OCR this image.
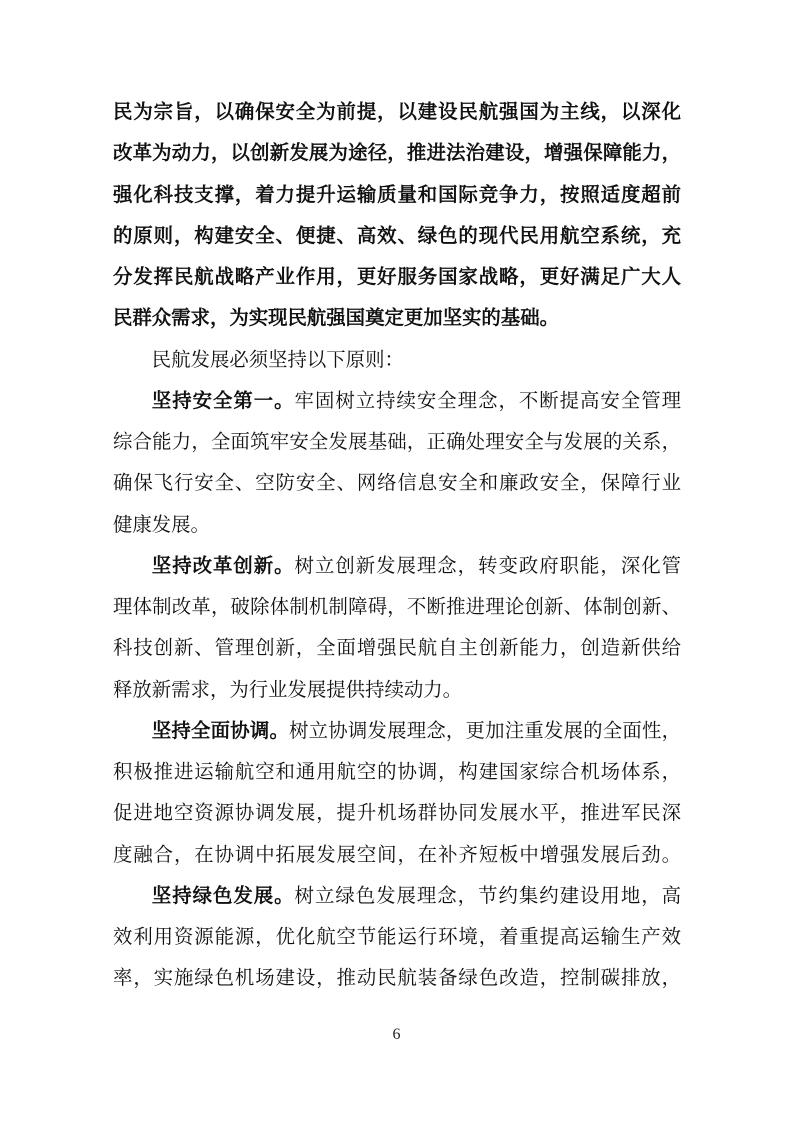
民为宗旨，以确保安全为前提，以建设民航强国为主线，以深化
改革为动力，以创新发展为途径，推进法治建设，增强保障能力，
强化科技支撑，着力提升运输质量和国际竞争力，按照适度超前
的原则，构建安全、便捷、高效、绿色的现代民用航空系统，充
分发挥民航战略产业作用，更好服务国家战略，更好满足广大人
民群众需求，为实现民航强国奠定更加坚实的基础。
民航发展必须坚持以下原则：
坚持安全第一。牢固树立持续安全理念，不断提高安全管理
综合能力，全面筑牢安全发展基础，正确处理安全与发展的关系，
确保飞行安全、空防安全、网络信息安全和廉政安全，保障行业
健康发展。
坚持改革创新。树立创新发展理念，转变政府职能，深化管
理体制改革，破除体制机制障碍，不断推进理论创新、体制创新、
科技创新、管理创新，全面增强民航自主创新能力，创造新供给
释放新需求，为行业发展提供持续动力。
坚持全面协调。树立协调发展理念，更加注重发展的全面性，
积极推进运输航空和通用航空的协调，构建国家综合机场体系，
促进地空资源协调发展，提升机场群协同发展水平，推进军民深
度融合，在协调中拓展发展空间，在补齐短板中增强发展后劲。
坚持绿色发展。树立绿色发展理念，节约集约建设用地，高
效利用资源能源，优化航空节能运行环境，着重提高运输生产效
率，实施绿色机场建设，推动民航装备绿色改造，控制碳排放，
6
